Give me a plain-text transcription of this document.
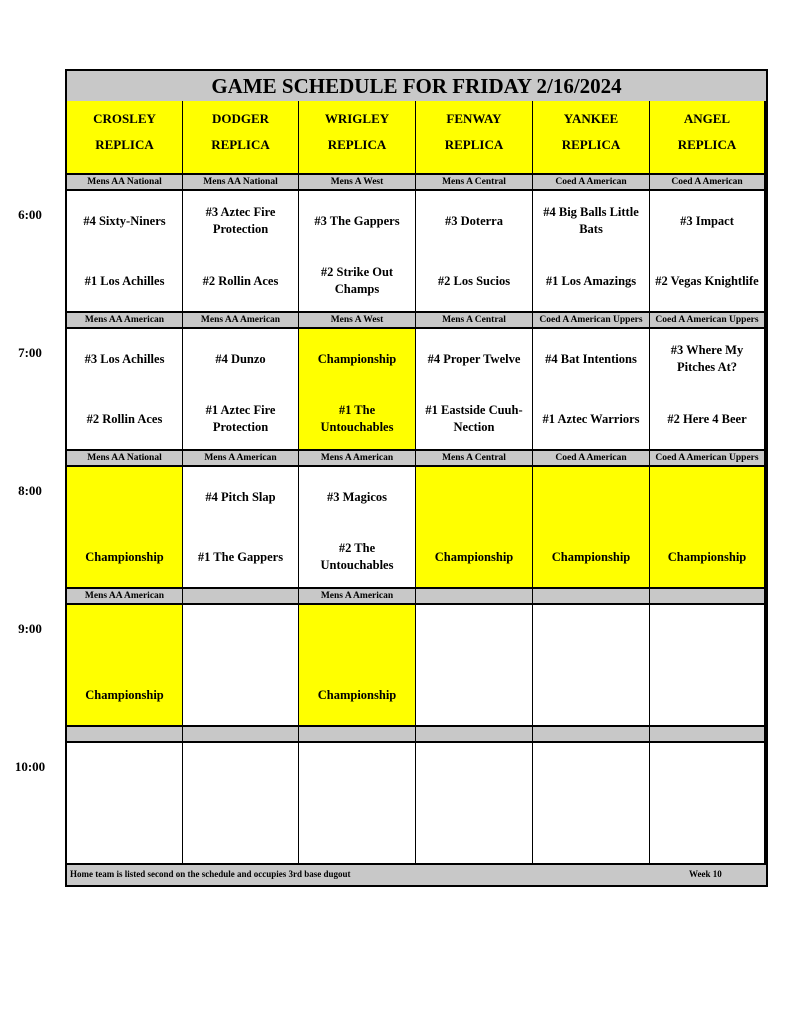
6:00
7:00
8:00
9:00
10:00
GAME SCHEDULE FOR FRIDAY 2/16/2024
Home team is listed second on the schedule and occupies 3rd base dugout	Week 10
CROSLEY
REPLICA
DODGER
REPLICA
WRIGLEY
REPLICA
FENWAY
REPLICA
YANKEE
REPLICA
ANGEL
REPLICA
Mens AA National
#4 Sixty-Niners
#1 Los Achilles
Mens AA National
#3 Aztec Fire Protection
#2 Rollin Aces
Mens A West
#3 The Gappers
#2 Strike Out Champs
Mens A Central
#3 Doterra
#2 Los Sucios
Coed A American
#4 Big Balls Little Bats
#1 Los Amazings
Coed A American
#3 Impact
#2 Vegas Knightlife
Mens AA American
#3 Los Achilles
#2 Rollin Aces
Mens AA American
#4 Dunzo
#1 Aztec Fire Protection
Mens A West
Championship
#1 The Untouchables
Mens A Central
#4 Proper Twelve
#1 Eastside Cuuh-Nection
Coed A American Uppers
#4 Bat Intentions
#1 Aztec Warriors
Coed A American Uppers
#3 Where My Pitches At?
#2 Here 4 Beer
Mens AA National
Championship
Mens A American
#4 Pitch Slap
#1 The Gappers
Mens A American
#3 Magicos
#2 The Untouchables
Mens A Central
Championship
Coed A American
Championship
Coed A American Uppers
Championship
Mens AA American
Championship
Mens A American
Championship
